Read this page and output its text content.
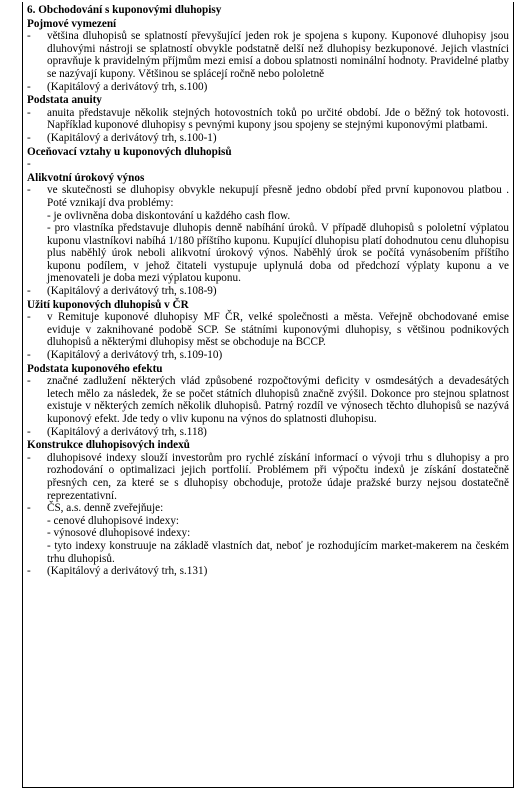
6. Obchodování s kuponovými dluhopisy
Pojmové vymezení
-	většina dluhopisů se splatností převyšující jeden rok je spojena s kupony. Kuponové dluhopisy jsou dluhovými nástroji se splatností obvykle podstatně delší než dluhopisy bezkuponové. Jejich vlastníci opravňuje k pravidelným příjmům mezi emisí a dobou splatnosti nominální hodnoty. Pravidelné platby se nazývají kupony. Většinou se splácejí ročně nebo pololetně
-	(Kapitálový a derivátový trh, s.100)
Podstata anuity
-	anuita představuje několik stejných hotovostních toků po určité období. Jde o běžný tok hotovosti. Například kuponové dluhopisy s pevnými kupony jsou spojeny se stejnými kuponovými platbami.
-	(Kapitálový a derivátový trh, s.100-1)
Oceňovací vztahy u kuponových dluhopisů
-
Alikvotní úrokový výnos
-	ve skutečnosti se dluhopisy obvykle nekupují přesně jedno období před první kuponovou platbou . Poté vznikají dva problémy:
- je ovlivněna doba diskontování u každého cash flow.
- pro vlastníka představuje dluhopis denně nabíhání úroků. V případě dluhopisů s pololetní výplatou kuponu vlastníkovi nabíhá 1/180 příštího kuponu. Kupující dluhopisu platí dohodnutou cenu dluhopisu plus naběhlý úrok neboli alikvotní úrokový výnos. Naběhlý úrok se počítá vynásobením příštího kuponu podílem, v jehož čitateli vystupuje uplynulá doba od předchozí výplaty kuponu a ve jmenovateli je doba mezi výplatou kuponu.
-	(Kapitálový a derivátový trh, s.108-9)
Užití kuponových dluhopisů v ČR
-	v Remituje kuponové dluhopisy MF ČR, velké společnosti a města. Veřejně obchodované emise eviduje v zaknihované podobě SCP. Se státními kuponovými dluhopisy, s většinou podnikových dluhopisů a některými dluhopisy měst se obchoduje na BCCP.
-	(Kapitálový a derivátový trh, s.109-10)
Podstata kuponového efektu
-	značné zadlužení některých vlád způsobené rozpočtovými deficity v osmdesátých a devadesátých letech mělo za následek, že se počet státních dluhopisů značně zvýšil. Dokonce pro stejnou splatnost existuje v některých zemích několik dluhopisů. Patrný rozdíl ve výnosech těchto dluhopisů se nazývá kuponový efekt. Jde tedy o vliv kuponu na výnos do splatnosti dluhopisu.
-	(Kapitálový a derivátový trh, s.118)
Konstrukce dluhopisových indexů
-	dluhopisové indexy slouží investorům pro rychlé získání informací o vývoji trhu s dluhopisy a pro rozhodování o optimalizaci jejich portfolií. Problémem při výpočtu indexů je získání dostatečně přesných cen, za které se s dluhopisy obchoduje, protože údaje pražské burzy nejsou dostatečně reprezentativní.
-	ČS, a.s. denně zveřejňuje:
- cenové dluhopisové indexy:
- výnosové dluhopisové indexy:
- tyto indexy konstruuje na základě vlastních dat, neboť je rozhodujícím market-makerem na českém trhu dluhopisů.
-	(Kapitálový a derivátový trh, s.131)
